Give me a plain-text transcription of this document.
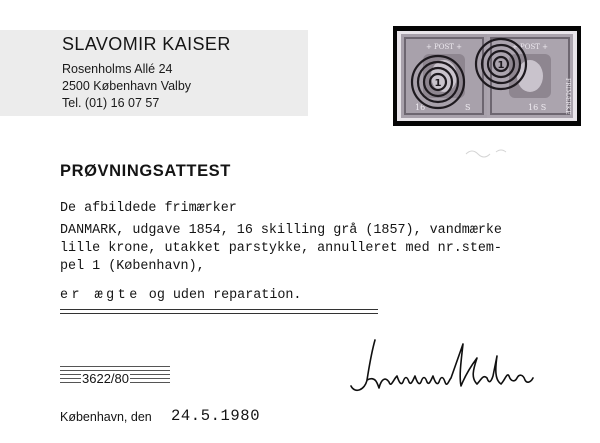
SLAVOMIR KAISER
Rosenholms Allé 24
2500 København Valby
Tel. (01) 16 07 57
+ POST +
16	S
+ POST +
16 S	FRIMÆRKE
1
1
PRØVNINGSATTEST
De afbildede frimærker
DANMARK, udgave 1854, 16 skilling grå (1857), vandmærke
lille krone, utakket parstykke, annulleret med nr.stem-
pel 1 (København),
er ægte og uden reparation.
3622/80
København, den 24.5.1980
